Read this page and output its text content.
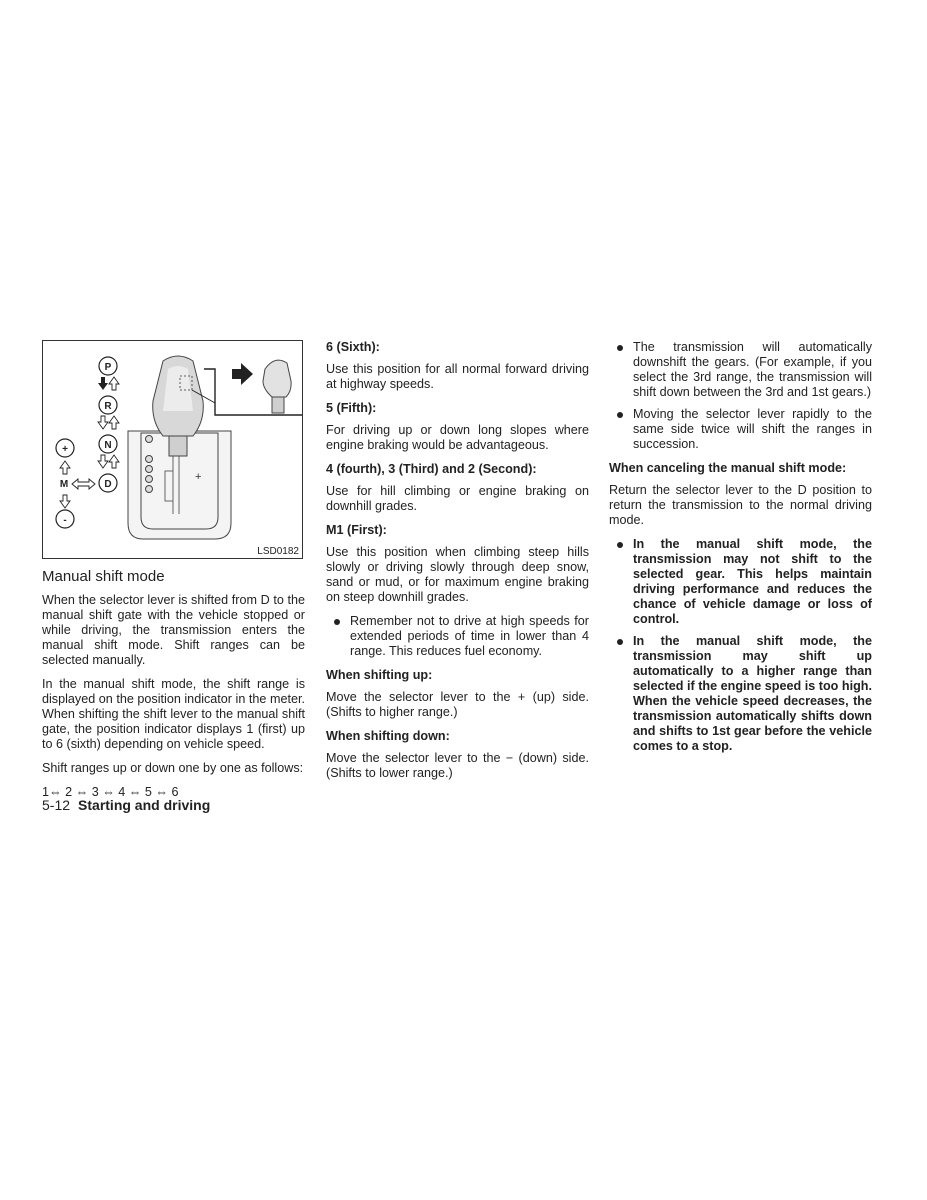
P
R
N
D
+
-
M
+
LSD0182
Manual shift mode

When the selector lever is shifted from D to the manual shift gate with the vehicle stopped or while driving, the transmission enters the manual shift mode. Shift ranges can be selected manually.

In the manual shift mode, the shift range is displayed on the position indicator in the meter. When shifting the shift lever to the manual shift gate, the position indicator displays 1 (first) up to 6 (sixth) depending on vehicle speed.

Shift ranges up or down one by one as follows:

1⇔ 2 ⇔ 3 ⇔ 4 ⇔ 5 ⇔ 6

6 (Sixth):

Use this position for all normal forward driving at highway speeds.

5 (Fifth):

For driving up or down long slopes where engine braking would be advantageous.

4 (fourth), 3 (Third) and 2 (Second):

Use for hill climbing or engine braking on downhill grades.

M1 (First):

Use this position when climbing steep hills slowly or driving slowly through deep snow, sand or mud, or for maximum engine braking on steep downhill grades.

Remember not to drive at high speeds for extended periods of time in lower than 4 range. This reduces fuel economy.
When shifting up:

Move the selector lever to the + (up) side. (Shifts to higher range.)

When shifting down:

Move the selector lever to the − (down) side. (Shifts to lower range.)

The transmission will automatically downshift the gears. (For example, if you select the 3rd range, the transmission will shift down between the 3rd and 1st gears.)
Moving the selector lever rapidly to the same side twice will shift the ranges in succession.
When canceling the manual shift mode:

Return the selector lever to the D position to return the transmission to the normal driving mode.

In the manual shift mode, the transmission may not shift to the selected gear. This helps maintain driving performance and reduces the chance of vehicle damage or loss of control.
In the manual shift mode, the transmission may shift up automatically to a higher range than selected if the engine speed is too high. When the vehicle speed decreases, the transmission automatically shifts down and shifts to 1st gear before the vehicle comes to a stop.
5-12 Starting and driving
